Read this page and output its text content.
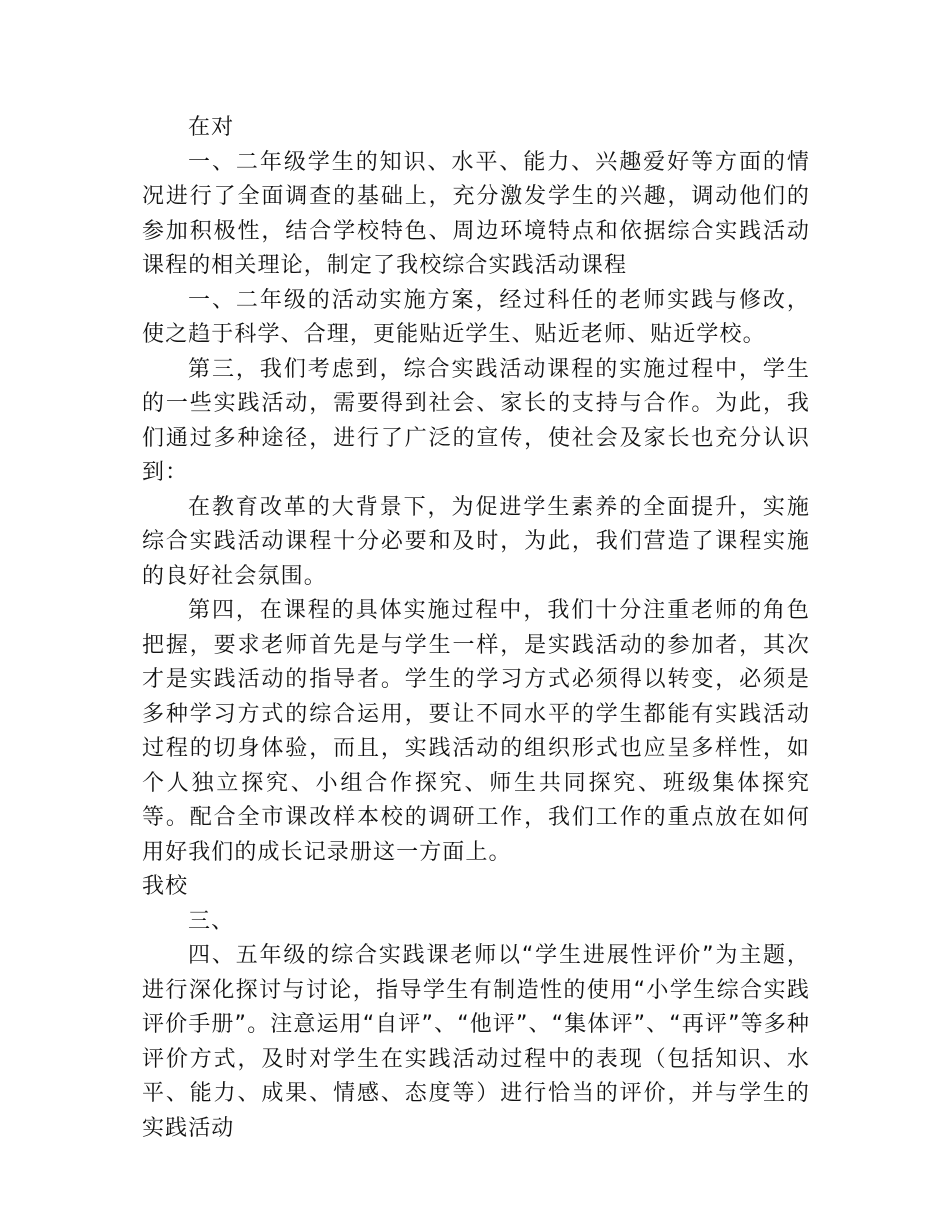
在对

一、二年级学生的知识、水平、能力、兴趣爱好等方面的情况进行了全面调查的基础上，充分激发学生的兴趣，调动他们的参加积极性，结合学校特色、周边环境特点和依据综合实践活动课程的相关理论，制定了我校综合实践活动课程

一、二年级的活动实施方案，经过科任的老师实践与修改，使之趋于科学、合理，更能贴近学生、贴近老师、贴近学校。

第三，我们考虑到，综合实践活动课程的实施过程中，学生的一些实践活动，需要得到社会、家长的支持与合作。为此，我们通过多种途径，进行了广泛的宣传，使社会及家长也充分认识到：

在教育改革的大背景下，为促进学生素养的全面提升，实施综合实践活动课程十分必要和及时，为此，我们营造了课程实施的良好社会氛围。

第四，在课程的具体实施过程中，我们十分注重老师的角色把握，要求老师首先是与学生一样，是实践活动的参加者，其次才是实践活动的指导者。学生的学习方式必须得以转变，必须是多种学习方式的综合运用，要让不同水平的学生都能有实践活动过程的切身体验，而且，实践活动的组织形式也应呈多样性，如个人独立探究、小组合作探究、师生共同探究、班级集体探究等。配合全市课改样本校的调研工作，我们工作的重点放在如何用好我们的成长记录册这一方面上。

我校

三、

四、五年级的综合实践课老师以“学生进展性评价”为主题，进行深化探讨与讨论，指导学生有制造性的使用“小学生综合实践评价手册”。注意运用“自评”、“他评”、“集体评”、“再评”等多种评价方式，及时对学生在实践活动过程中的表现（包括知识、水平、能力、成果、情感、态度等）进行恰当的评价，并与学生的实践活动
